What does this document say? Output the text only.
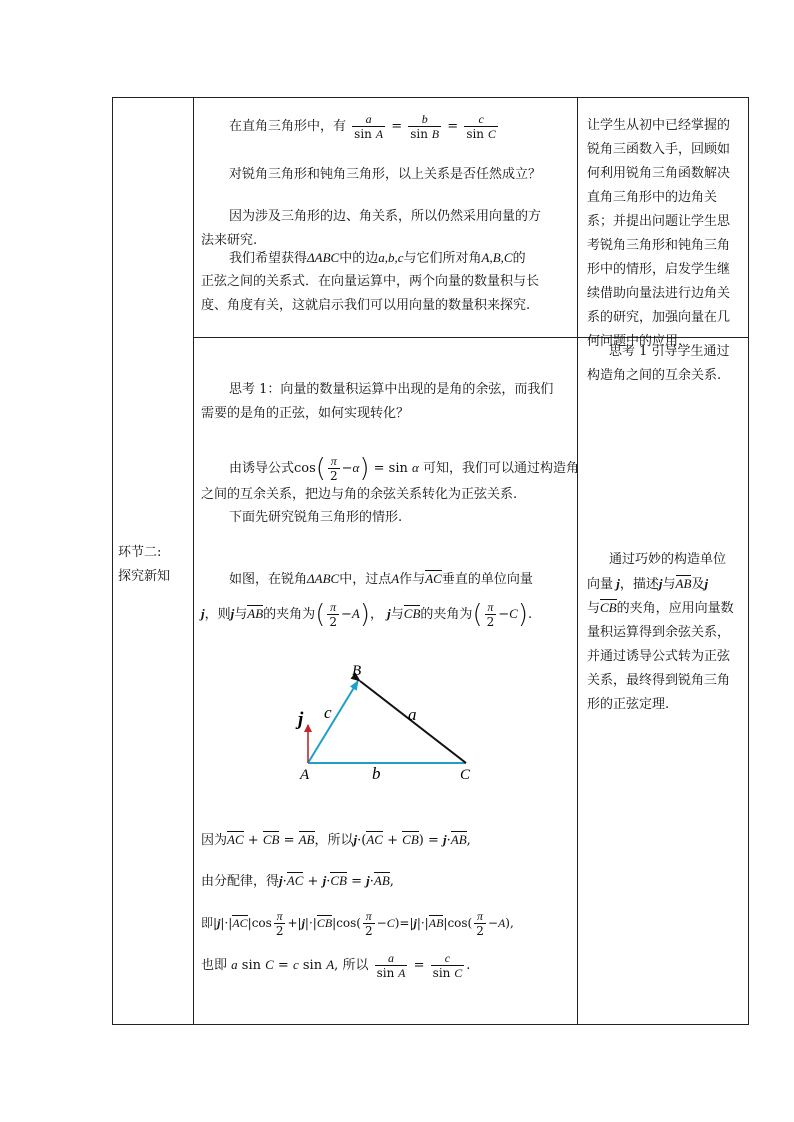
环节二:
探究新知
在直角三角形中，有 $\frac{a}{\text{sin A}} = \frac{b}{\text{sin B}} = \frac{c}{\text{sin C}}$
对锐角三角形和钝角三角形，以上关系是否任然成立？
因为涉及三角形的边、角关系，所以仍然采用向量的方
法来研究.
我们希望获得ΔABC中的边a,b,c与它们所对角A,B,C的
正弦之间的关系式．在向量运算中，两个向量的数量积与长
度、角度有关，这就启示我们可以用向量的数量积来探究.
让学生从初中已经掌握的
锐角三函数入手，回顾如
何利用锐角三角函数解决
直角三角形中的边角关
系；并提出问题让学生思
考锐角三角形和钝角三角
形中的情形，启发学生继
续借助向量法进行边角关
系的研究，加强向量在几
何问题中的应用.
思考 1：向量的数量积运算中出现的是角的余弦，而我们
需要的是角的正弦，如何实现转化？
由诱导公式$\cos( \frac{\pi}{2} -\alpha) = \sin \alpha$ 可知，我们可以通过构造角
之间的互余关系，把边与角的余弦关系转化为正弦关系.
下面先研究锐角三角形的情形.
如图，在锐角ΔABC中，过点A作与AC垂直的单位向量
j，则j与AB的夹角为( $\frac{\pi}{2} -A$)， j与CB的夹角为( $\frac{\pi}{2} -C$).
B
A	C
a
b
c
j
因为AC + CB = AB，所以j·(AC + CB) = j·AB,
由分配律，得j·AC + j·CB = j·AB,
即$|j|\cdot|AC|\cos \frac{\pi}{2} +|j|\cdot|CB|\cos( \frac{\pi}{2} -C)=|j|\cdot|AB|\cos( \frac{\pi}{2} -A)$,
也即 a sin C = c sin A, 所以 $\frac{a}{\text{sin A}} = \frac{c}{\text{sin C}}$ .
思考 1 引导学生通过
构造角之间的互余关系.
通过巧妙的构造单位
向量 j，描述j与AB及j
与CB的夹角，应用向量数
量积运算得到余弦关系，
并通过诱导公式转为正弦
关系，最终得到锐角三角
形的正弦定理.
